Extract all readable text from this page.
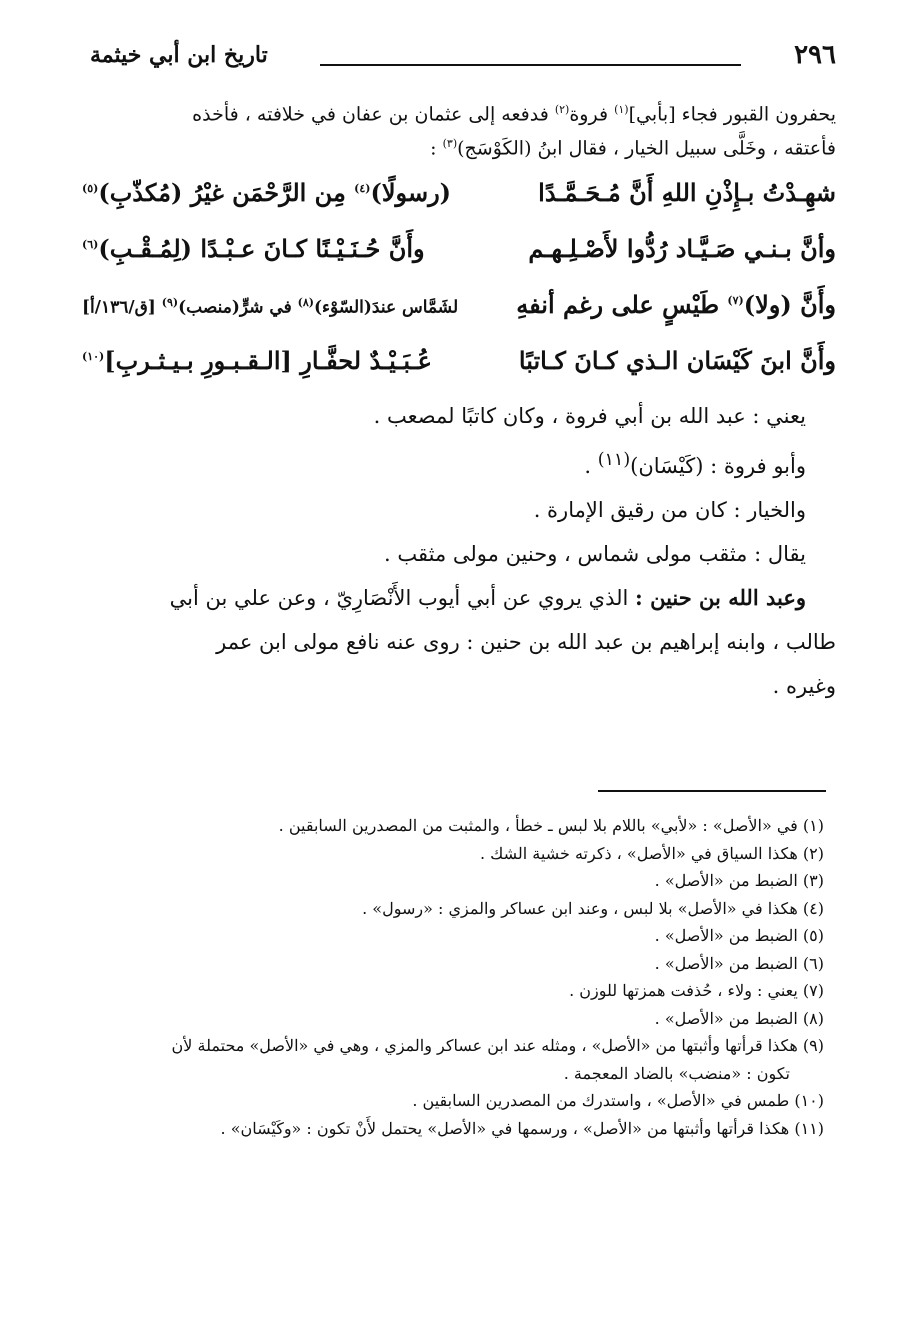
٢٩٦
تاريخ ابن أبي خيثمة
يحفرون القبور فجاء [بأبي]$^{(١)}$ فروة$^{(٢)}$ فدفعه إلى عثمان بن عفان في خلافته ، فأخذه
فأعتقه ، وخَلَّى سبيل الخيار ، فقال ابنُ (الكَوْسَج)$^{(٣)}$ :
شهِـدْتُ بـإِذْنِ اللهِ أَنَّ مُـحَـمَّـدًا
(رسولًا)$^{(٤)}$ مِن الرَّحْمَن غيْرُ (مُكذّبِ)$^{(٥)}$
وأنَّ بـنـي صَـيَّـاد رُدُّوا لأَصْـلِـهـم
وأَنَّ حُـنَـيْـنًا كـانَ عـبْـدًا (لِمُـقْـبِ)$^{(٦)}$
وأَنَّ (ولا)$^{(٧)}$ طَيْسٍ على رغم أنفهِ
لشَمَّاس عندَ(السّوْء)$^{(٨)}$ في شرٍّ(منصب)$^{(٩)}$ [ق/١٣٦/أ]
وأَنَّ ابنَ كَيْسَان الـذي كـانَ كـاتبًا
عُـبَـيْـدٌ لحفَّـارِ [الـقـبـورِ بـيـثـربِ]$^{(١٠)}$
يعني : عبد الله بن أبي فروة ، وكان كاتبًا لمصعب .
وأبو فروة : (كَيْسَان)$^{(١١)}$ .
والخيار : كان من رقيق الإمارة .
يقال : مثقب مولى شماس ، وحنين مولى مثقب .
وعبد الله بن حنين : الذي يروي عن أبي أيوب الأَنْصَارِيّ ، وعن علي بن أبي
طالب ، وابنه إبراهيم بن عبد الله بن حنين : روى عنه نافع مولى ابن عمر
وغيره .
(١) في «الأصل» : «لأبي» باللام بلا لبس ـ خطأ ، والمثبت من المصدرين السابقين .
(٢) هكذا السياق في «الأصل» ، ذكرته خشية الشك .
(٣) الضبط من «الأصل» .
(٤) هكذا في «الأصل» بلا لبس ، وعند ابن عساكر والمزي : «رسول» .
(٥) الضبط من «الأصل» .
(٦) الضبط من «الأصل» .
(٧) يعني : ولاء ، حُذفت همزتها للوزن .
(٨) الضبط من «الأصل» .
(٩) هكذا قرأتها وأثبتها من «الأصل» ، ومثله عند ابن عساكر والمزي ، وهي في «الأصل» محتملة لأن
تكون : «منضب» بالضاد المعجمة .
(١٠) طمس في «الأصل» ، واستدرك من المصدرين السابقين .
(١١) هكذا قرأتها وأثبتها من «الأصل» ، ورسمها في «الأصل» يحتمل لأَنْ تكون : «وكَيْسَان» .
